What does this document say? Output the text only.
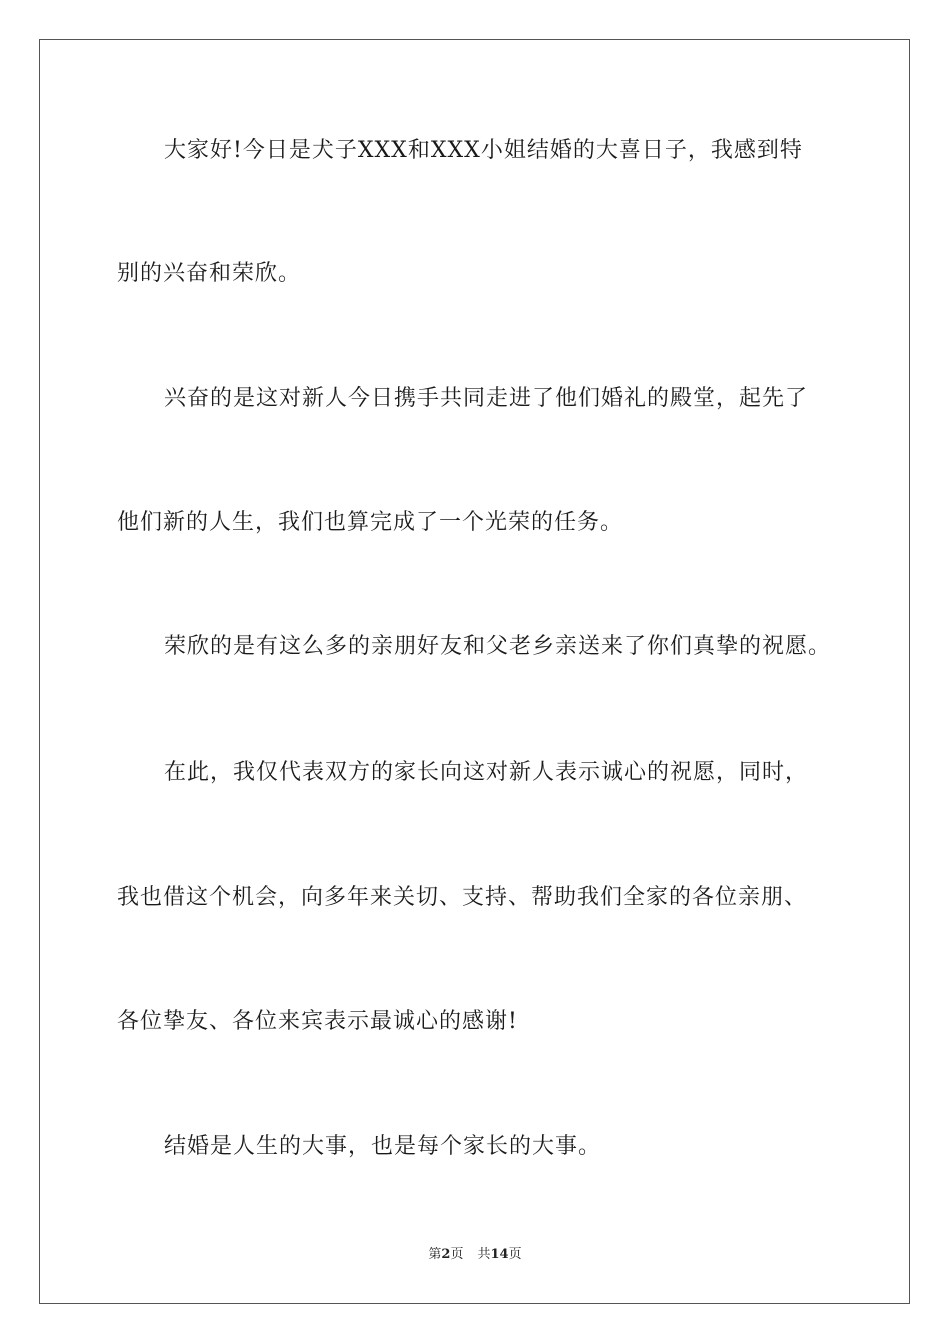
大家好!今日是犬子XXX和XXX小姐结婚的大喜日子，我感到特
别的兴奋和荣欣。
兴奋的是这对新人今日携手共同走进了他们婚礼的殿堂，起先了
他们新的人生，我们也算完成了一个光荣的任务。
荣欣的是有这么多的亲朋好友和父老乡亲送来了你们真挚的祝愿。
在此，我仅代表双方的家长向这对新人表示诚心的祝愿，同时，
我也借这个机会，向多年来关切、支持、帮助我们全家的各位亲朋、
各位挚友、各位来宾表示最诚心的感谢!
结婚是人生的大事，也是每个家长的大事。
第2页 共14页
